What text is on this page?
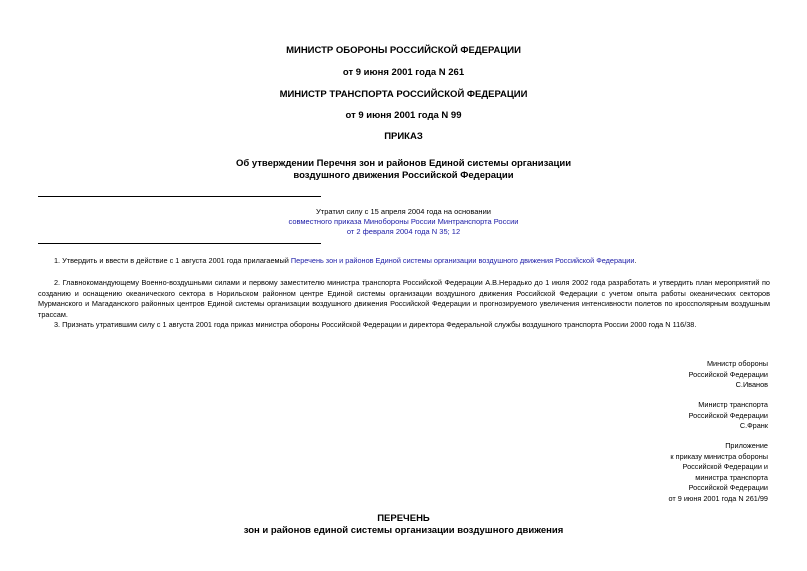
МИНИСТР ОБОРОНЫ РОССИЙСКОЙ ФЕДЕРАЦИИ
от 9 июня 2001 года N 261
МИНИСТР ТРАНСПОРТА РОССИЙСКОЙ ФЕДЕРАЦИИ
от 9 июня 2001 года N 99
ПРИКАЗ
Об утверждении Перечня зон и районов Единой системы организации
воздушного движения Российской Федерации
Утратил силу с 15 апреля 2004 года на основании
совместного приказа Минобороны России Минтранспорта России
от 2 февраля 2004 года N 35; 12
1. Утвердить и ввести в действие с 1 августа 2001 года прилагаемый Перечень зон и районов Единой системы организации воздушного движения Российской Федерации.
2. Главнокомандующему Военно-воздушными силами и первому заместителю министра транспорта Российской Федерации А.В.Нерадько до 1 июля 2002 года разработать и утвердить план мероприятий по созданию и оснащению океанического сектора в Норильском районном центре Единой системы организации воздушного движения Российской Федерации с учетом опыта работы океанических секторов Мурманского и Магаданского районных центров Единой системы организации воздушного движения Российской Федерации и прогнозируемого увеличения интенсивности полетов по кроссполярным воздушным трассам.
3. Признать утратившим силу с 1 августа 2001 года приказ министра обороны Российской Федерации и директора Федеральной службы воздушного транспорта России 2000 года N 116/38.
Министр обороны
Российской Федерации
С.Иванов
Министр транспорта
Российской Федерации
С.Франк
Приложение
к приказу министра обороны
Российской Федерации и
министра транспорта
Российской Федерации
от 9 июня 2001 года N 261/99
ПЕРЕЧЕНЬ
зон и районов единой системы организации воздушного движения
